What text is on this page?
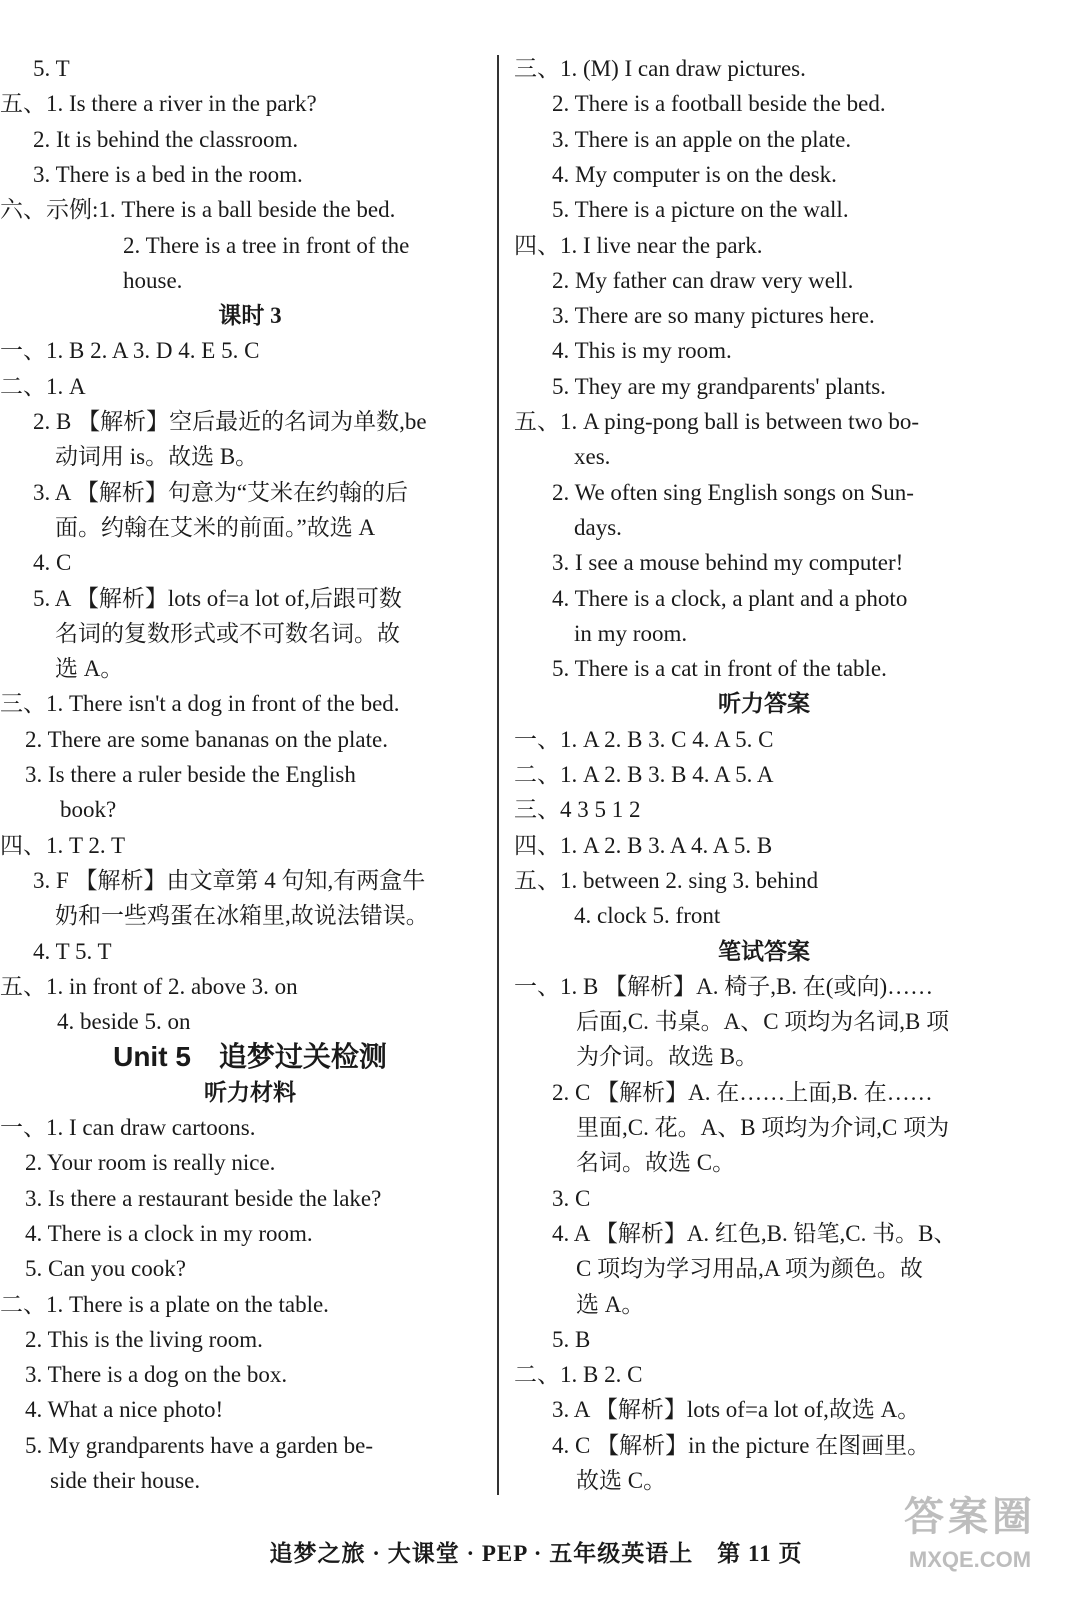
5. T
五、1. Is there a river in the park?
2. It is behind the classroom.
3. There is a bed in the room.
六、示例:1. There is a ball beside the bed.
2. There is a tree in front of the
house.
课时 3
一、1. B 2. A 3. D 4. E 5. C
二、1. A
2. B 【解析】空后最近的名词为单数,be
动词用 is。故选 B。
3. A 【解析】句意为“艾米在约翰的后
面。约翰在艾米的前面。”故选 A
4. C
5. A 【解析】lots of=a lot of,后跟可数
名词的复数形式或不可数名词。故
选 A。
三、1. There isn't a dog in front of the bed.
2. There are some bananas on the plate.
3. Is there a ruler beside the English
book?
四、1. T 2. T
3. F 【解析】由文章第 4 句知,有两盒牛
奶和一些鸡蛋在冰箱里,故说法错误。
4. T 5. T
五、1. in front of 2. above 3. on
4. beside 5. on
Unit 5　追梦过关检测
听力材料
一、1. I can draw cartoons.
2. Your room is really nice.
3. Is there a restaurant beside the lake?
4. There is a clock in my room.
5. Can you cook?
二、1. There is a plate on the table.
2. This is the living room.
3. There is a dog on the box.
4. What a nice photo!
5. My grandparents have a garden be-
side their house.
三、1. (M) I can draw pictures.
2. There is a football beside the bed.
3. There is an apple on the plate.
4. My computer is on the desk.
5. There is a picture on the wall.
四、1. I live near the park.
2. My father can draw very well.
3. There are so many pictures here.
4. This is my room.
5. They are my grandparents' plants.
五、1. A ping-pong ball is between two bo-
xes.
2. We often sing English songs on Sun-
days.
3. I see a mouse behind my computer!
4. There is a clock, a plant and a photo
in my room.
5. There is a cat in front of the table.
听力答案
一、1. A 2. B 3. C 4. A 5. C
二、1. A 2. B 3. B 4. A 5. A
三、4 3 5 1 2
四、1. A 2. B 3. A 4. A 5. B
五、1. between 2. sing 3. behind
4. clock 5. front
笔试答案
一、1. B 【解析】A. 椅子,B. 在(或向)……
后面,C. 书桌。A、C 项均为名词,B 项
为介词。故选 B。
2. C 【解析】A. 在……上面,B. 在……
里面,C. 花。A、B 项均为介词,C 项为
名词。故选 C。
3. C
4. A 【解析】A. 红色,B. 铅笔,C. 书。B、
C 项均为学习用品,A 项为颜色。故
选 A。
5. B
二、1. B 2. C
3. A 【解析】lots of=a lot of,故选 A。
4. C 【解析】in the picture 在图画里。
故选 C。
追梦之旅 · 大课堂 · PEP · 五年级英语上　第 11 页
答案圈
MXQE.COM
